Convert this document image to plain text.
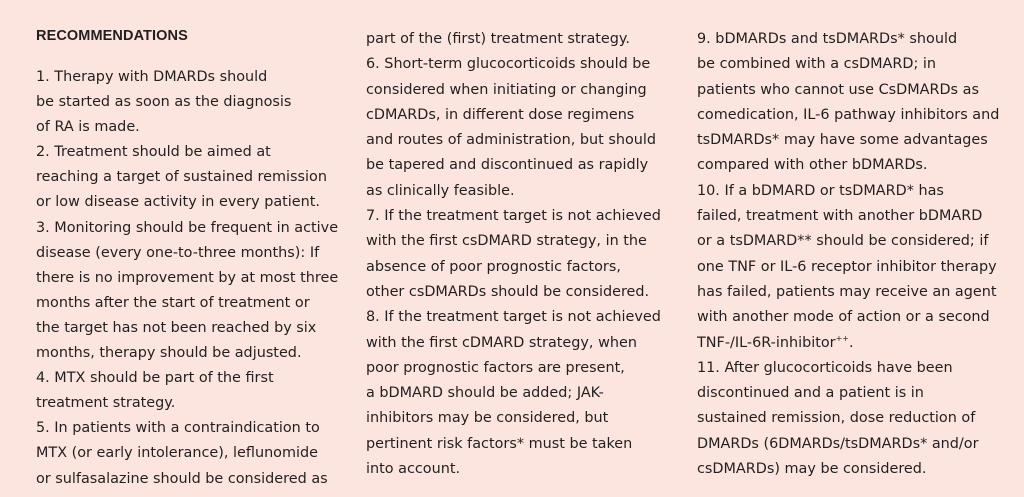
RECOMMENDATIONS
1. Therapy with DMARDs should
be started as soon as the diagnosis
of RA is made.
2. Treatment should be aimed at
reaching a target of sustained remission
or low disease activity in every patient.
3. Monitoring should be frequent in active
disease (every one-to-three months): If
there is no improvement by at most three
months after the start of treatment or
the target has not been reached by six
months, therapy should be adjusted.
4. MTX should be part of the first
treatment strategy.
5. In patients with a contraindication to
MTX (or early intolerance), leflunomide
or sulfasalazine should be considered as
part of the (first) treatment strategy.
6. Short-term glucocorticoids should be
considered when initiating or changing
cDMARDs, in different dose regimens
and routes of administration, but should
be tapered and discontinued as rapidly
as clinically feasible.
7. If the treatment target is not achieved
with the first csDMARD strategy, in the
absence of poor prognostic factors,
other csDMARDs should be considered.
8. If the treatment target is not achieved
with the first cDMARD strategy, when
poor prognostic factors are present,
a bDMARD should be added; JAK-
inhibitors may be considered, but
pertinent risk factors* must be taken
into account.
9. bDMARDs and tsDMARDs* should
be combined with a csDMARD; in
patients who cannot use CsDMARDs as
comedication, IL-6 pathway inhibitors and
tsDMARDs* may have some advantages
compared with other bDMARDs.
10. If a bDMARD or tsDMARD* has
failed, treatment with another bDMARD
or a tsDMARD** should be considered; if
one TNF or IL-6 receptor inhibitor therapy
has failed, patients may receive an agent
with another mode of action or a second
TNF-/IL-6R-inhibitor++.
11. After glucocorticoids have been
discontinued and a patient is in
sustained remission, dose reduction of
DMARDs (6DMARDs/tsDMARDs* and/or
csDMARDs) may be considered.
